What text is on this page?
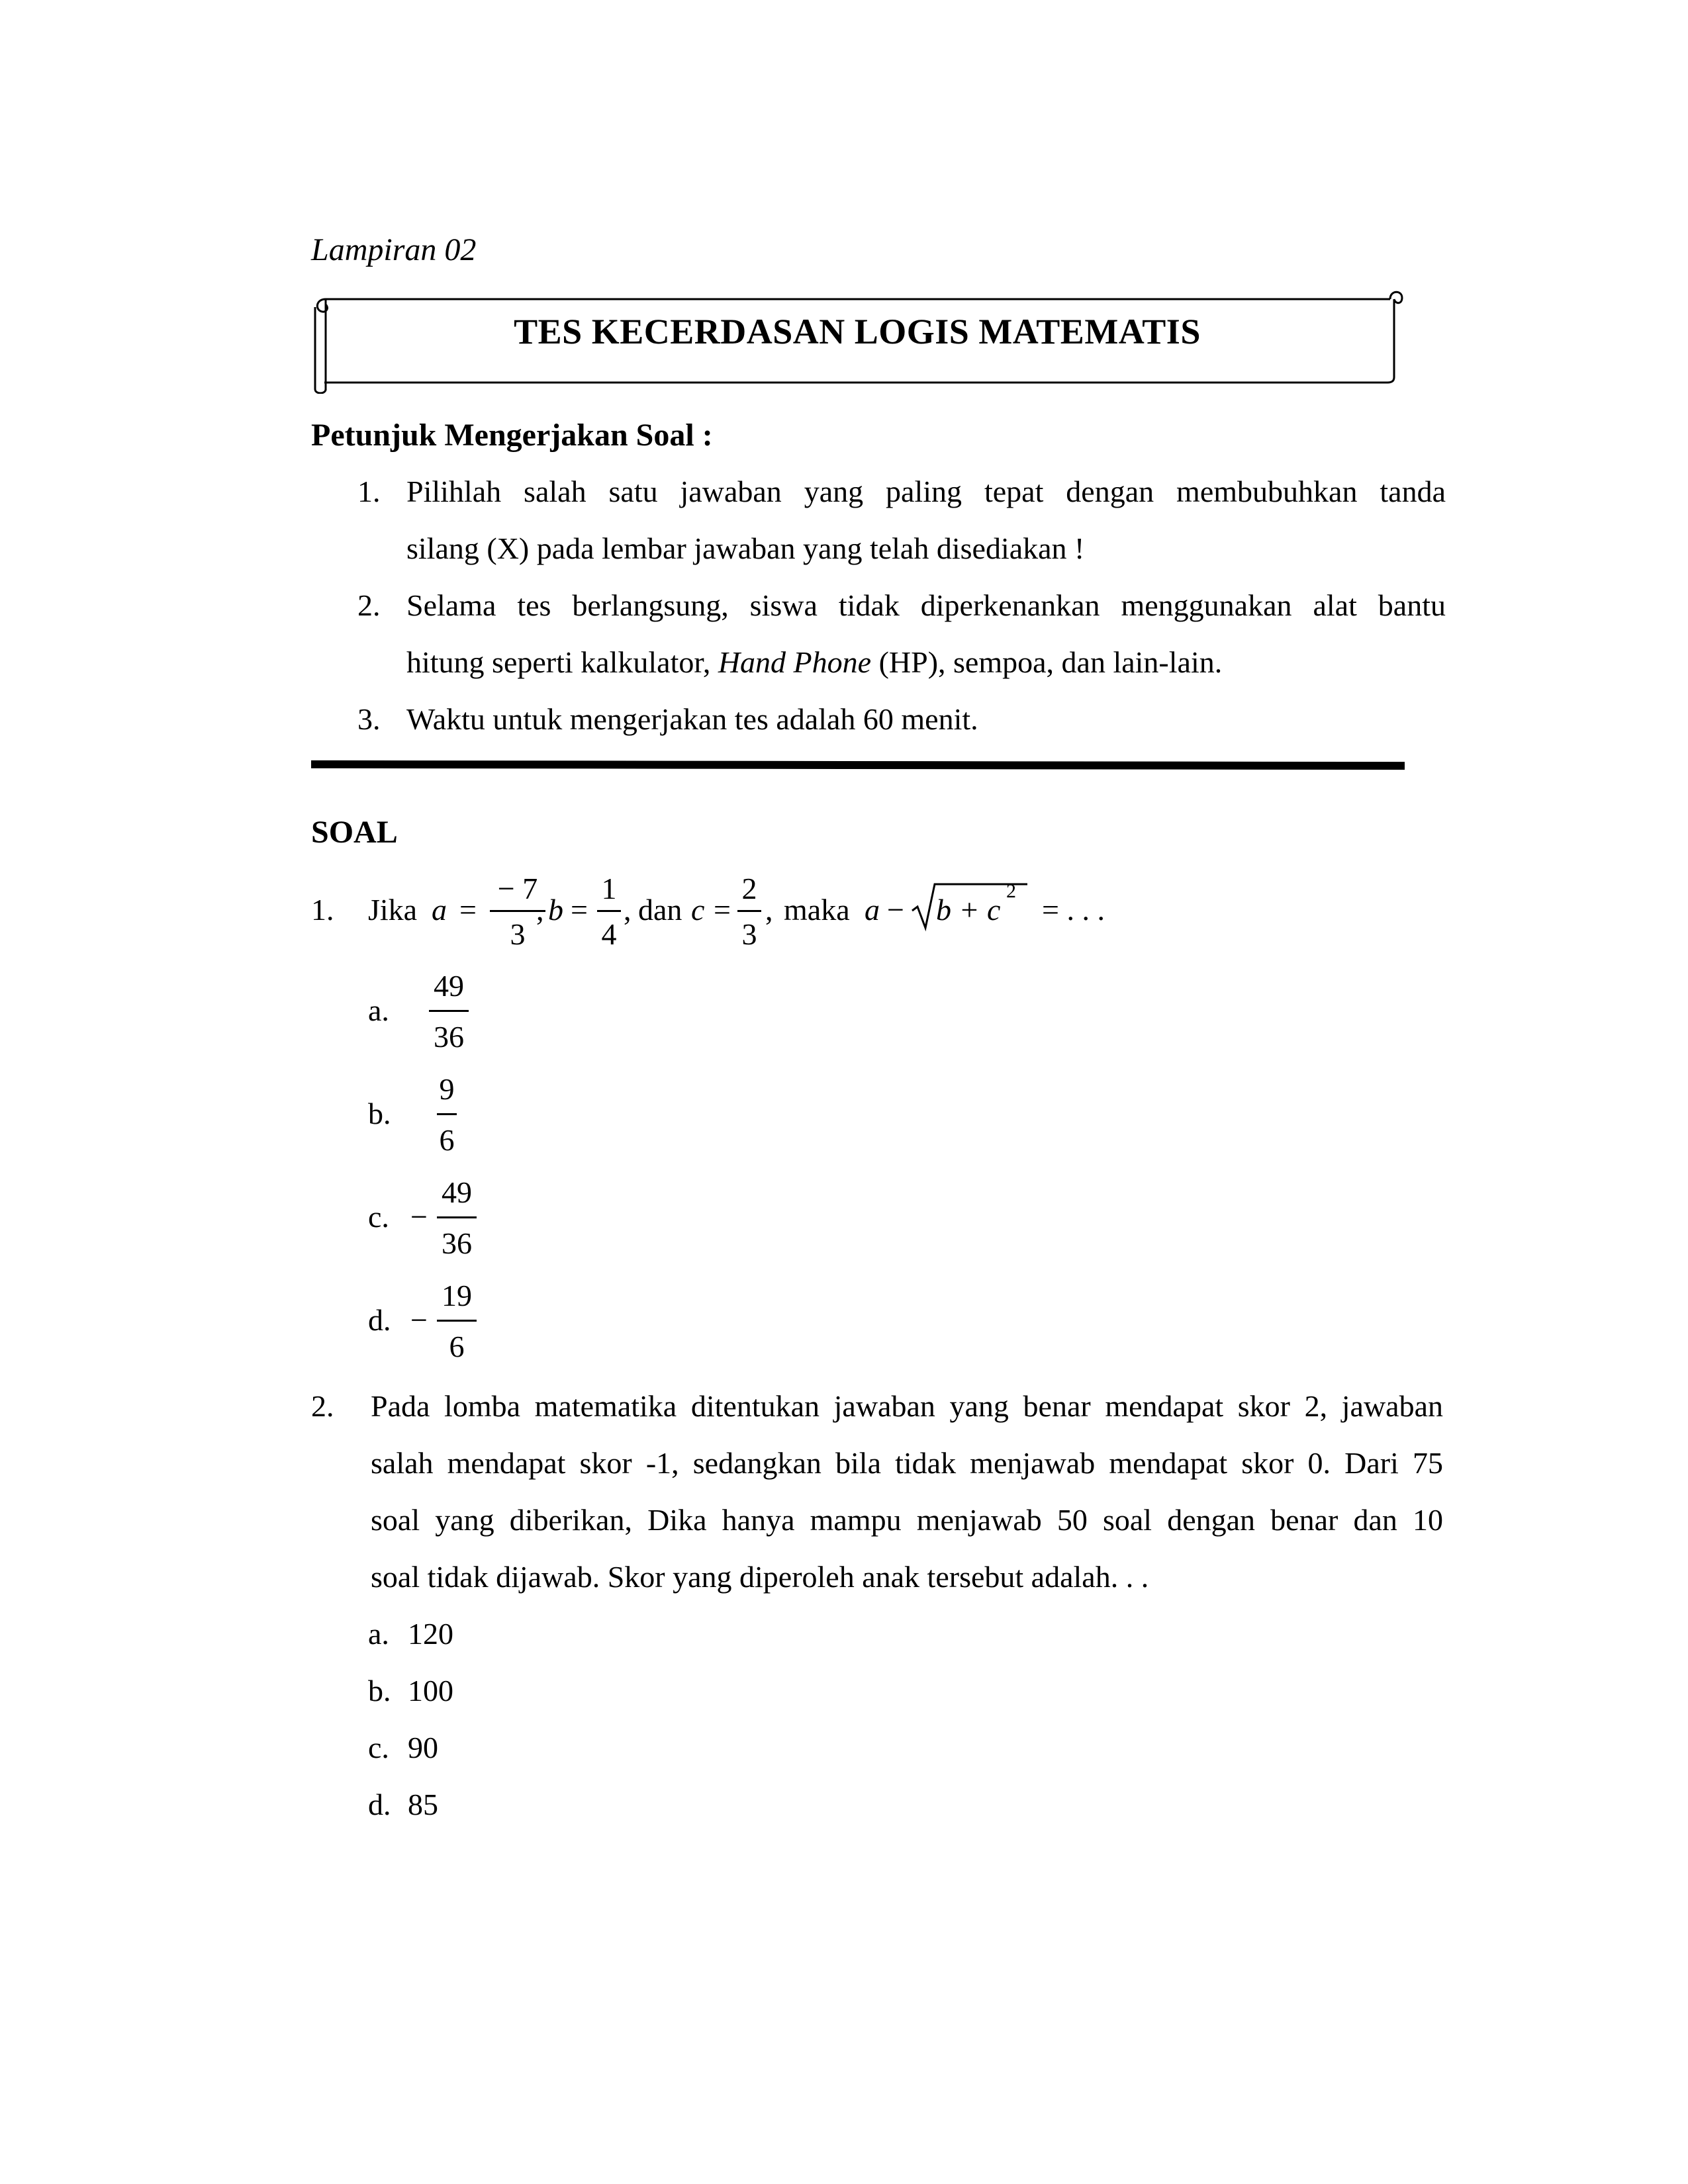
Lampiran 02
TES KECERDASAN LOGIS MATEMATIS
Petunjuk Mengerjakan Soal :
1. Pilihlah salah satu jawaban yang paling tepat dengan membubuhkan tanda
silang (X) pada lembar jawaban yang telah disediakan !
2. Selama tes berlangsung, siswa tidak diperkenankan menggunakan alat bantu
hitung seperti kalkulator, Hand Phone (HP), sempoa, dan lain-lain.
3. Waktu untuk mengerjakan tes adalah 60 menit.
SOAL
1. Jika a =
− 7
3
, b =
1
4
, dan c =
2
3
, maka a − b + c
2
= . . .
a.
49
36
b.
9
6
c. −
49
36
d. −
19
6
2. Pada lomba matematika ditentukan jawaban yang benar mendapat skor 2, jawaban
salah mendapat skor -1, sedangkan bila tidak menjawab mendapat skor 0. Dari 75
soal yang diberikan, Dika hanya mampu menjawab 50 soal dengan benar dan 10
soal tidak dijawab. Skor yang diperoleh anak tersebut adalah. . .
a. 120
b. 100
c. 90
d. 85
